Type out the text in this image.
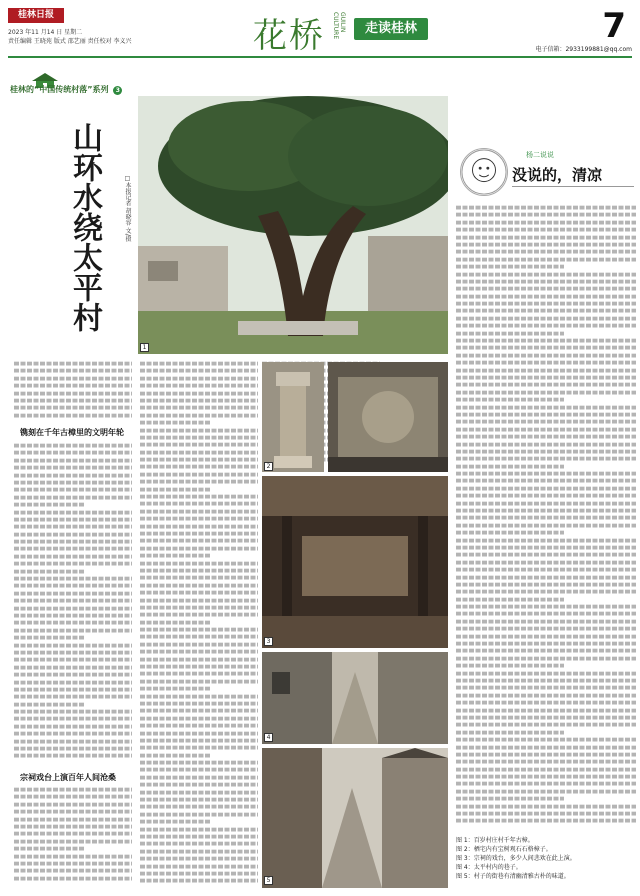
桂林日报
2023 年11 月14 日 星期二
责任编辑 王晓苑 版式 邵艺丽 责任校对 李义兴	花桥	GUILIN CULTURE	走读桂林	7
电子信箱：2933199881@qq.com
桂林的“中国传统村落”系列 3
山环水绕太平村	□本报记者 胡晓容 文/摄
杨二说说
没说的，清凉
镌刻在千年古樟里的文明年轮
宗祠戏台上演百年人间沧桑
1
2
3
4
5
图 1：百岁村庄村千年古樟。
图 2：栖宅内有宝树观石石格樟子。
图 3：宗祠的戏台，多少人间悲欢在此上演。
图 4：太平村内的巷子。
图 5：村子的街巷有清幽清雅古朴的味道。
